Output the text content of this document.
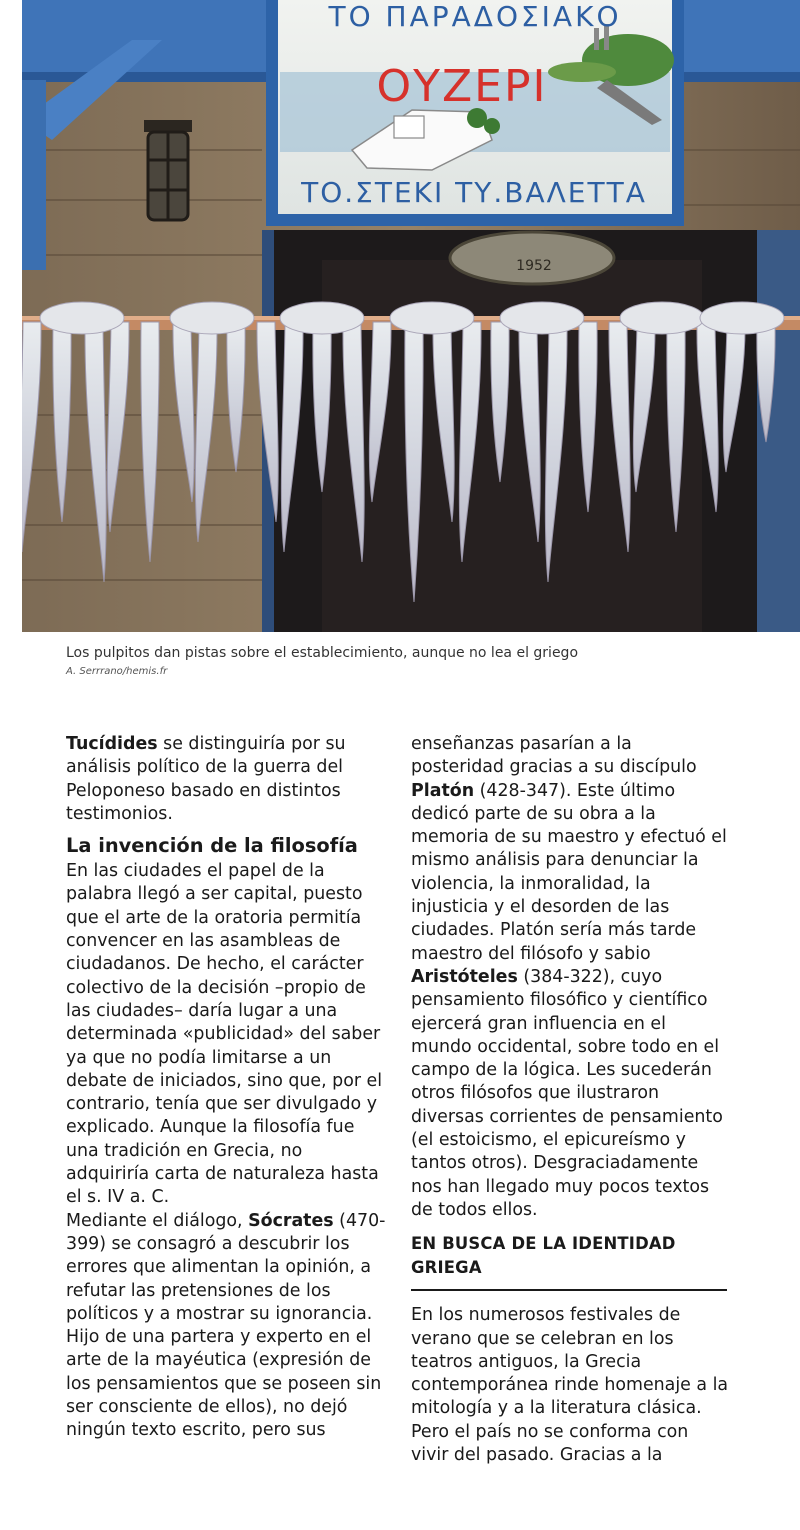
ΤΟ ΠΑΡΑΔΟΣΙΑΚΟ
ΟΥΖΕΡΙ
ΤΟ.ΣΤΕΚΙ ΤΥ.ΒΑΛΕΤΤΑ
1952
Los pulpitos dan pistas sobre el establecimiento, aunque no lea el griego
A. Serrrano/hemis.fr

Tucídides se distinguiría por su análisis político de la guerra del Peloponeso basado en distintos testimonios.

La invención de la filosofía

En las ciudades el papel de la palabra llegó a ser capital, puesto que el arte de la oratoria permitía convencer en las asambleas de ciudadanos. De hecho, el carácter colectivo de la decisión –propio de las ciudades– daría lugar a una determinada «publicidad» del saber ya que no podía limitarse a un debate de iniciados, sino que, por el contrario, tenía que ser divulgado y explicado. Aunque la filosofía fue una tradición en Grecia, no adquiriría carta de naturaleza hasta el s. IV a. C.

Mediante el diálogo, Sócrates (470-399) se consagró a descubrir los errores que alimentan la opinión, a refutar las pretensiones de los políticos y a mostrar su ignorancia. Hijo de una partera y experto en el arte de la mayéutica (expresión de los pensamientos que se poseen sin ser consciente de ellos), no dejó ningún texto escrito, pero sus

enseñanzas pasarían a la posteridad gracias a su discípulo Platón (428-347). Este último dedicó parte de su obra a la memoria de su maestro y efectuó el mismo análisis para denunciar la violencia, la inmoralidad, la injusticia y el desorden de las ciudades. Platón sería más tarde maestro del filósofo y sabio Aristóteles (384-322), cuyo pensamiento filosófico y científico ejercerá gran influencia en el mundo occidental, sobre todo en el campo de la lógica. Les sucederán otros filósofos que ilustraron diversas corrientes de pensamiento (el estoicismo, el epicureísmo y tantos otros). Desgraciadamente nos han llegado muy pocos textos de todos ellos.

EN BUSCA DE LA IDENTIDAD GRIEGA

En los numerosos festivales de verano que se celebran en los teatros antiguos, la Grecia contemporánea rinde homenaje a la mitología y a la literatura clásica. Pero el país no se conforma con vivir del pasado. Gracias a la
